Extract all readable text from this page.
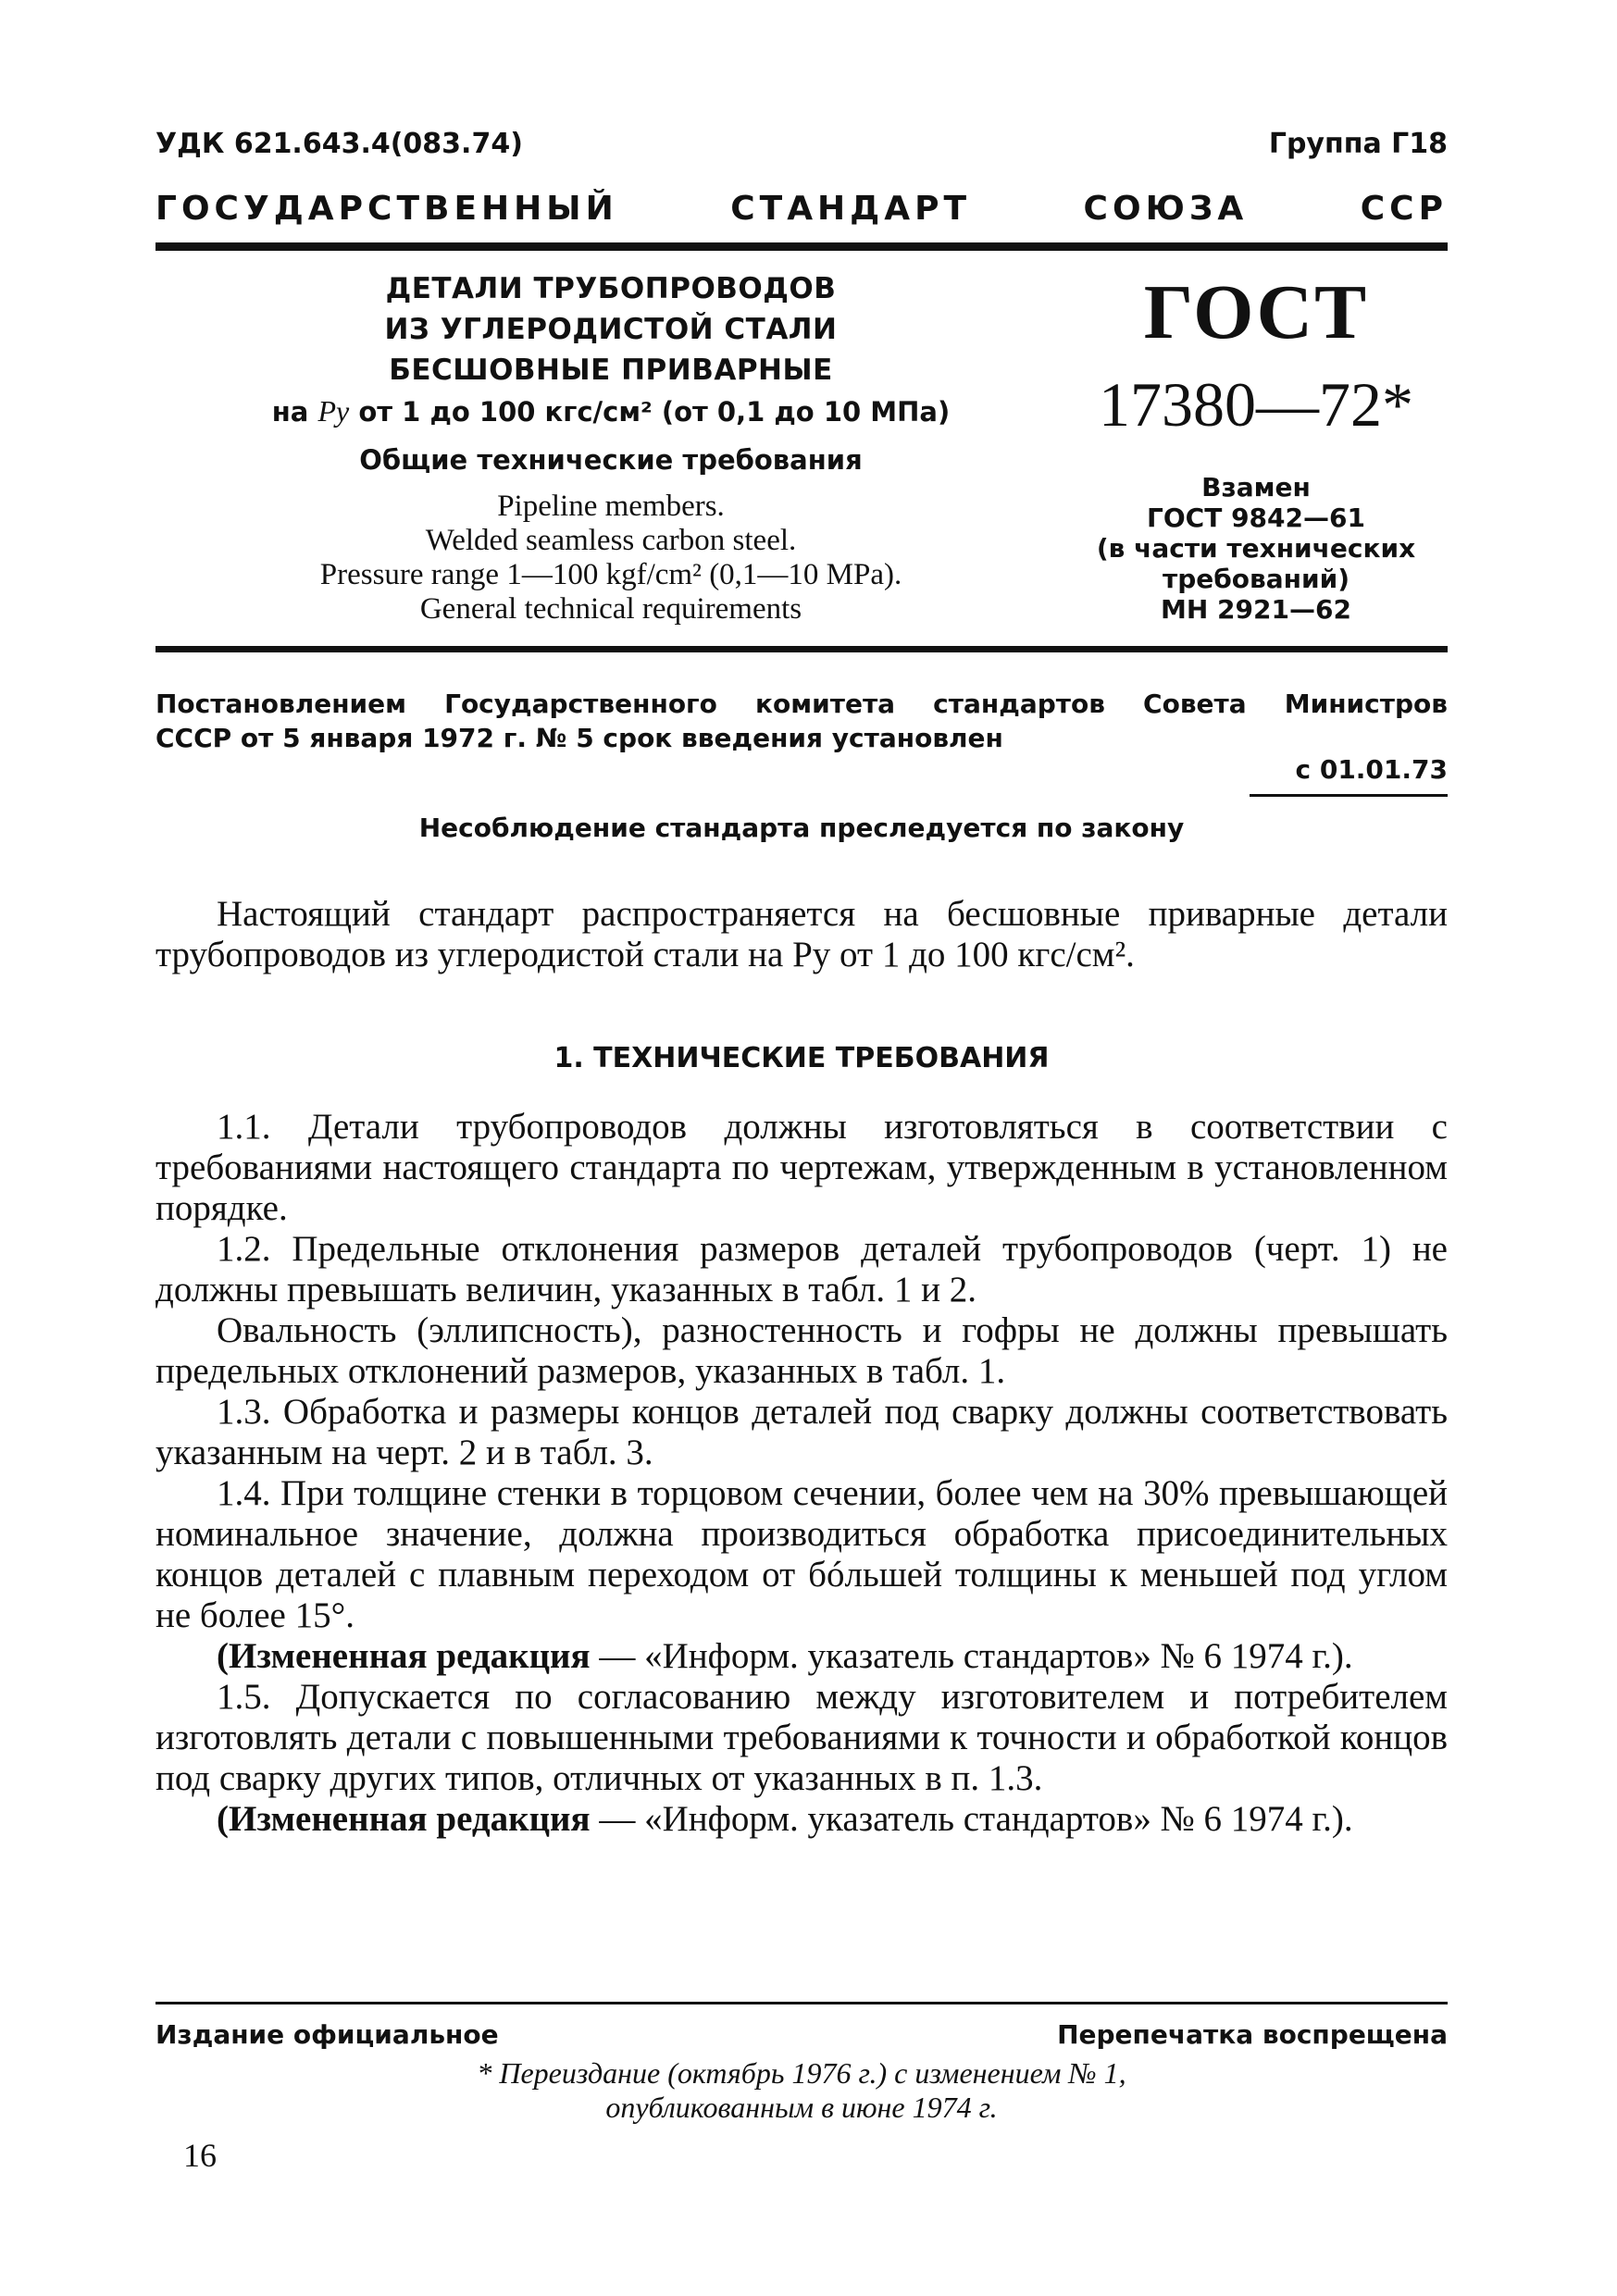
УДК 621.643.4(083.74)	Группа Г18
ГОСУДАРСТВЕННЫЙ	СТАНДАРТ	СОЮЗА	ССР
ДЕТАЛИ ТРУБОПРОВОДОВ
ИЗ УГЛЕРОДИСТОЙ СТАЛИ
БЕСШОВНЫЕ ПРИВАРНЫЕ
на Py от 1 до 100 кгс/см² (от 0,1 до 10 МПа)
Общие технические требования
Pipeline members.
Welded seamless carbon steel.
Pressure range 1—100 kgf/cm² (0,1—10 MPa).
General technical requirements
ГОСТ
17380—72*
Взамен
ГОСТ 9842—61
(в части технических
требований)
МН 2921—62
Постановлением Государственного комитета стандартов Совета Министров
СССР от 5 января 1972 г. № 5 срок введения установлен
с 01.01.73
Несоблюдение стандарта преследуется по закону

Настоящий стандарт распространяется на бесшовные приварные детали трубопроводов из углеродистой стали на Pу от 1 до 100 кгс/см².

1. ТЕХНИЧЕСКИЕ ТРЕБОВАНИЯ

1.1. Детали трубопроводов должны изготовляться в соответствии с требованиями настоящего стандарта по чертежам, утвержденным в установленном порядке.

1.2. Предельные отклонения размеров деталей трубопроводов (черт. 1) не должны превышать величин, указанных в табл. 1 и 2.

Овальность (эллипсность), разностенность и гофры не должны превышать предельных отклонений размеров, указанных в табл. 1.

1.3. Обработка и размеры концов деталей под сварку должны соответствовать указанным на черт. 2 и в табл. 3.

1.4. При толщине стенки в торцовом сечении, более чем на 30% превышающей номинальное значение, должна производиться обработка присоединительных концов деталей с плавным переходом от бóльшей толщины к меньшей под углом не более 15°.

(Измененная редакция — «Информ. указатель стандартов» № 6 1974 г.).

1.5. Допускается по согласованию между изготовителем и потребителем изготовлять детали с повышенными требованиями к точности и обработкой концов под сварку других типов, отличных от указанных в п. 1.3.

(Измененная редакция — «Информ. указатель стандартов» № 6 1974 г.).

Издание официальное	Перепечатка воспрещена
* Переиздание (октябрь 1976 г.) с изменением № 1,
опубликованным в июне 1974 г.
16
